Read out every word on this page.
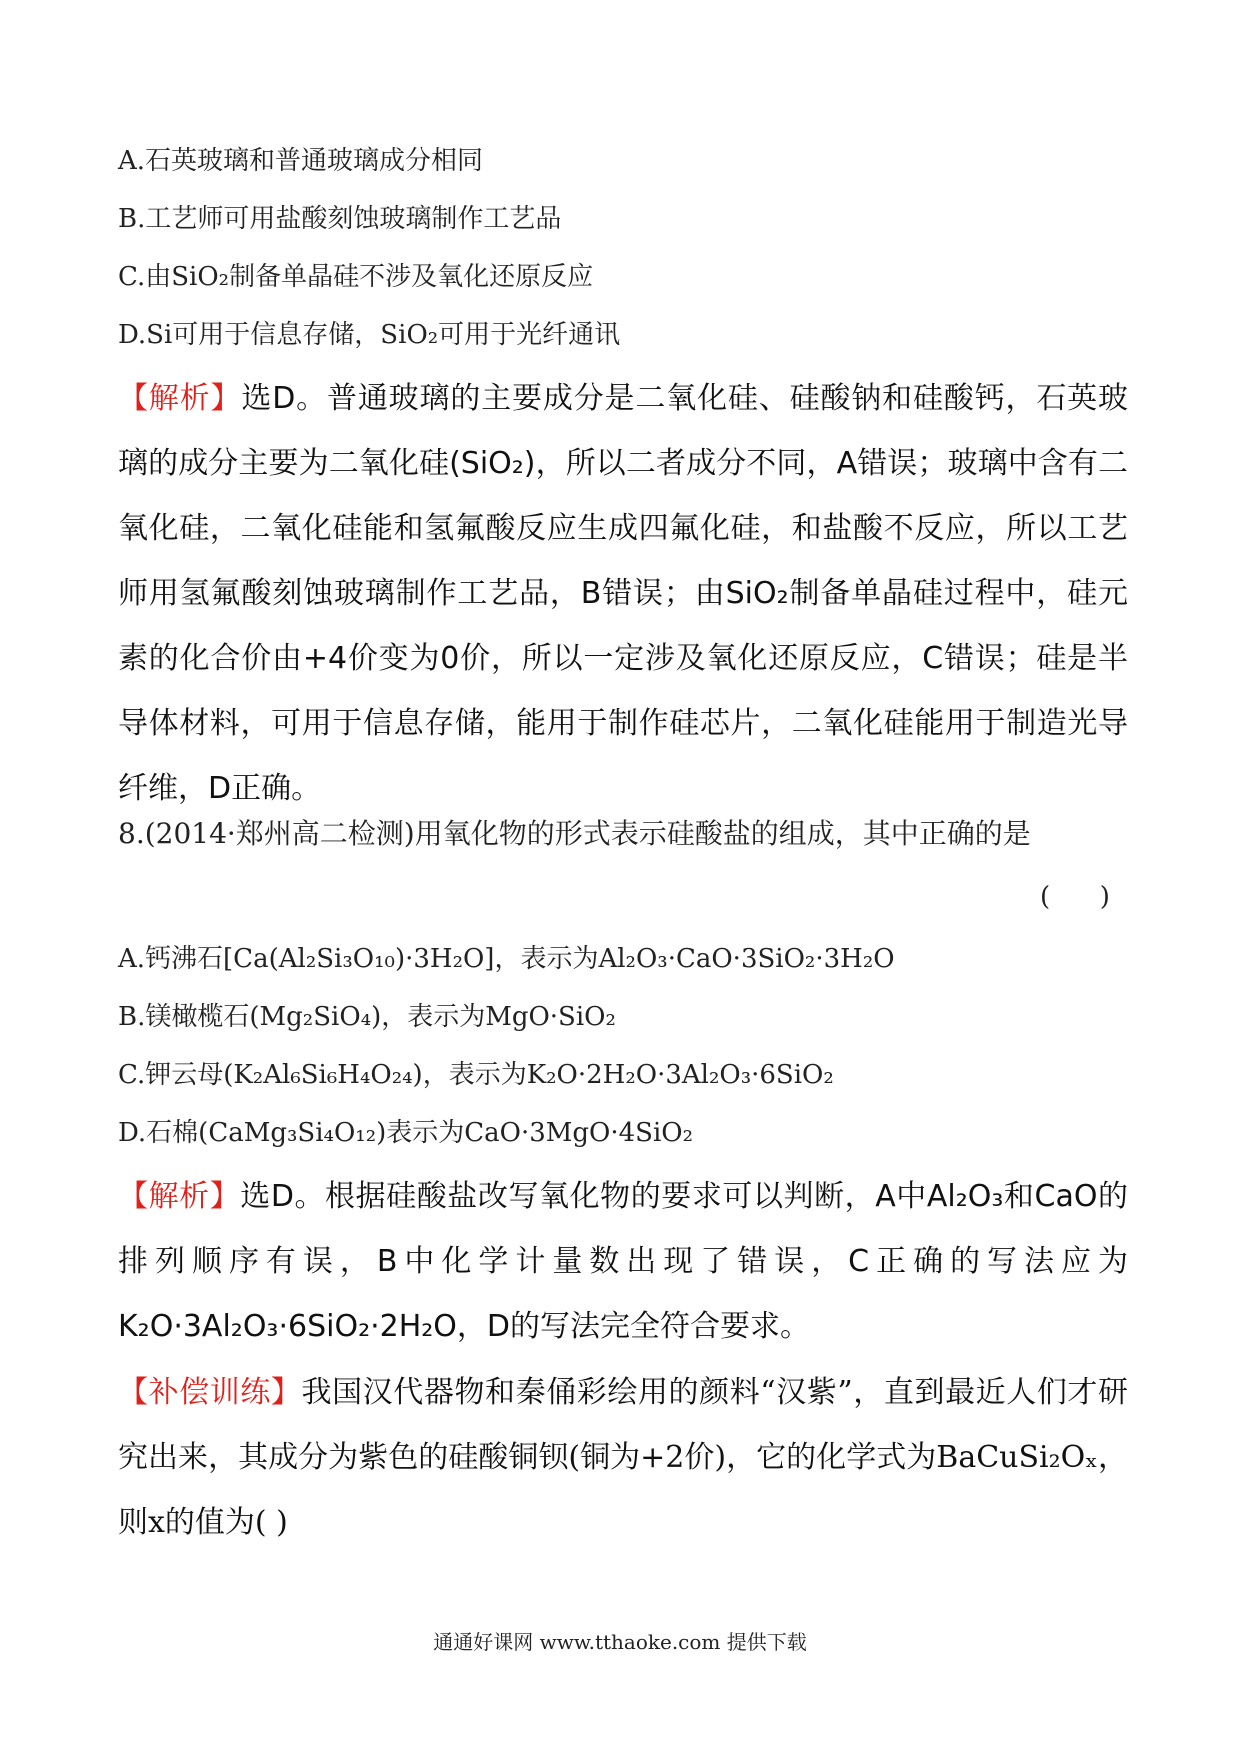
A.石英玻璃和普通玻璃成分相同
B.工艺师可用盐酸刻蚀玻璃制作工艺品
C.由SiO₂制备单晶硅不涉及氧化还原反应
D.Si可用于信息存储，SiO₂可用于光纤通讯
【解析】选D。普通玻璃的主要成分是二氧化硅、硅酸钠和硅酸钙，石英玻璃的成分主要为二氧化硅(SiO₂)，所以二者成分不同，A错误；玻璃中含有二氧化硅，二氧化硅能和氢氟酸反应生成四氟化硅，和盐酸不反应，所以工艺师用氢氟酸刻蚀玻璃制作工艺品，B错误；由SiO₂制备单晶硅过程中，硅元素的化合价由+4价变为0价，所以一定涉及氧化还原反应，C错误；硅是半导体材料，可用于信息存储，能用于制作硅芯片，二氧化硅能用于制造光导纤维，D正确。
8.(2014·郑州高二检测)用氧化物的形式表示硅酸盐的组成，其中正确的是
(      )
A.钙沸石[Ca(Al₂Si₃O₁₀)·3H₂O]，表示为Al₂O₃·CaO·3SiO₂·3H₂O
B.镁橄榄石(Mg₂SiO₄)，表示为MgO·SiO₂
C.钾云母(K₂Al₆Si₆H₄O₂₄)，表示为K₂O·2H₂O·3Al₂O₃·6SiO₂
D.石棉(CaMg₃Si₄O₁₂)表示为CaO·3MgO·4SiO₂
【解析】选D。根据硅酸盐改写氧化物的要求可以判断，A中Al₂O₃和CaO的排列顺序有误，B中化学计量数出现了错误，C正确的写法应为K₂O·3Al₂O₃·6SiO₂·2H₂O，D的写法完全符合要求。
【补偿训练】我国汉代器物和秦俑彩绘用的颜料“汉紫”，直到最近人们才研究出来，其成分为紫色的硅酸铜钡(铜为+2价)，它的化学式为BaCuSi₂Oₓ，则x的值为( )
通通好课网 www.tthaoke.com 提供下载
